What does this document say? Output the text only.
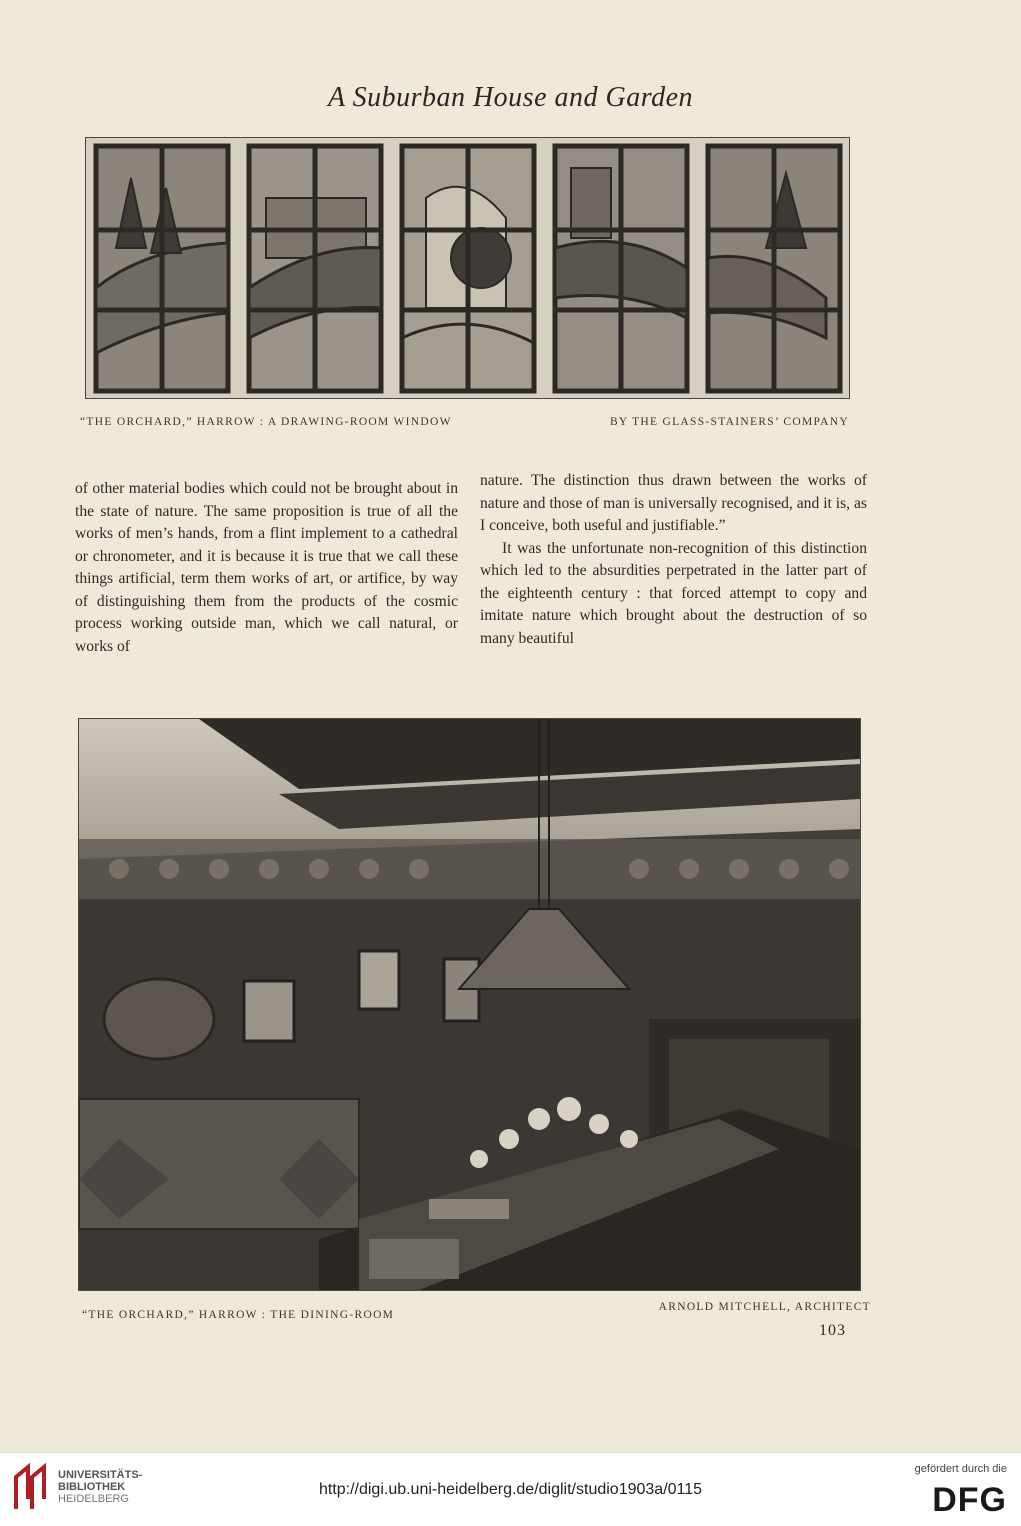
A Suburban House and Garden
“THE ORCHARD,” HARROW : A DRAWING-ROOM WINDOW	BY THE GLASS-STAINERS’ COMPANY

of other material bodies which could not be brought about in the state of nature. The same proposition is true of all the works of men’s hands, from a flint implement to a cathedral or chronometer, and it is because it is true that we call these things artificial, term them works of art, or artifice, by way of distinguishing them from the products of the cosmic process working outside man, which we call natural, or works of

nature. The distinction thus drawn between the works of nature and those of man is universally recognised, and it is, as I conceive, both useful and justifiable.”

It was the unfortunate non-recognition of this distinction which led to the absurdities perpetrated in the latter part of the eighteenth century : that forced attempt to copy and imitate nature which brought about the destruction of so many beautiful

“THE ORCHARD,” HARROW : THE DINING-ROOM
ARNOLD MITCHELL, ARCHITECT
103
UNIVERSITÄTS-
BIBLIOTHEK
HEIDELBERG
http://digi.ub.uni-heidelberg.de/diglit/studio1903a/0115
gefördert durch die
DFG
